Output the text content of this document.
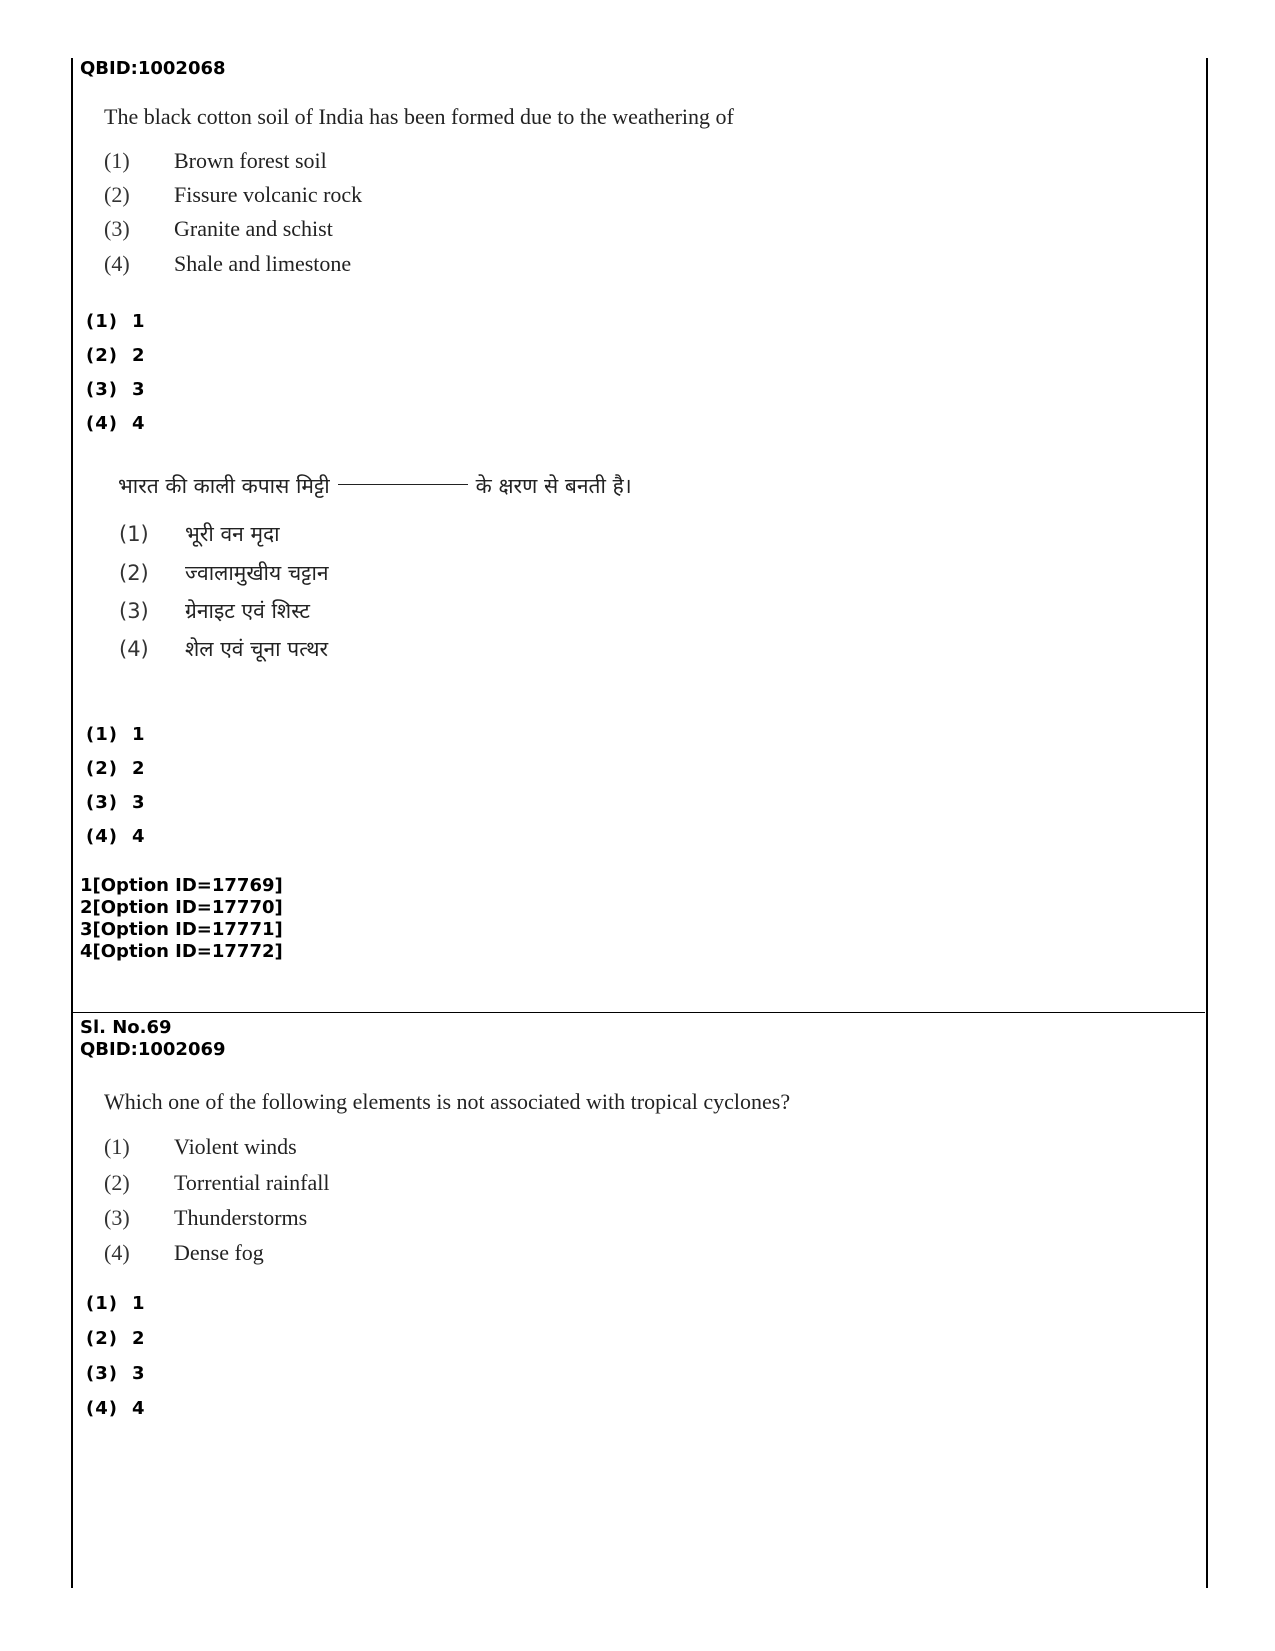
QBID:1002068
The black cotton soil of India has been formed due to the weathering of
(1) Brown forest soil
(2) Fissure volcanic rock
(3) Granite and schist
(4) Shale and limestone
(1) 1
(2) 2
(3) 3
(4) 4
भारत की काली कपास मिट्टी	के क्षरण से बनती है।
(1) भूरी वन मृदा
(2) ज्वालामुखीय चट्टान
(3) ग्रेनाइट एवं शिस्ट
(4) शेल एवं चूना पत्थर
(1) 1
(2) 2
(3) 3
(4) 4
1[Option ID=17769]
2[Option ID=17770]
3[Option ID=17771]
4[Option ID=17772]
Sl. No.69
QBID:1002069
Which one of the following elements is not associated with tropical cyclones?
(1) Violent winds
(2) Torrential rainfall
(3) Thunderstorms
(4) Dense fog
(1) 1
(2) 2
(3) 3
(4) 4
